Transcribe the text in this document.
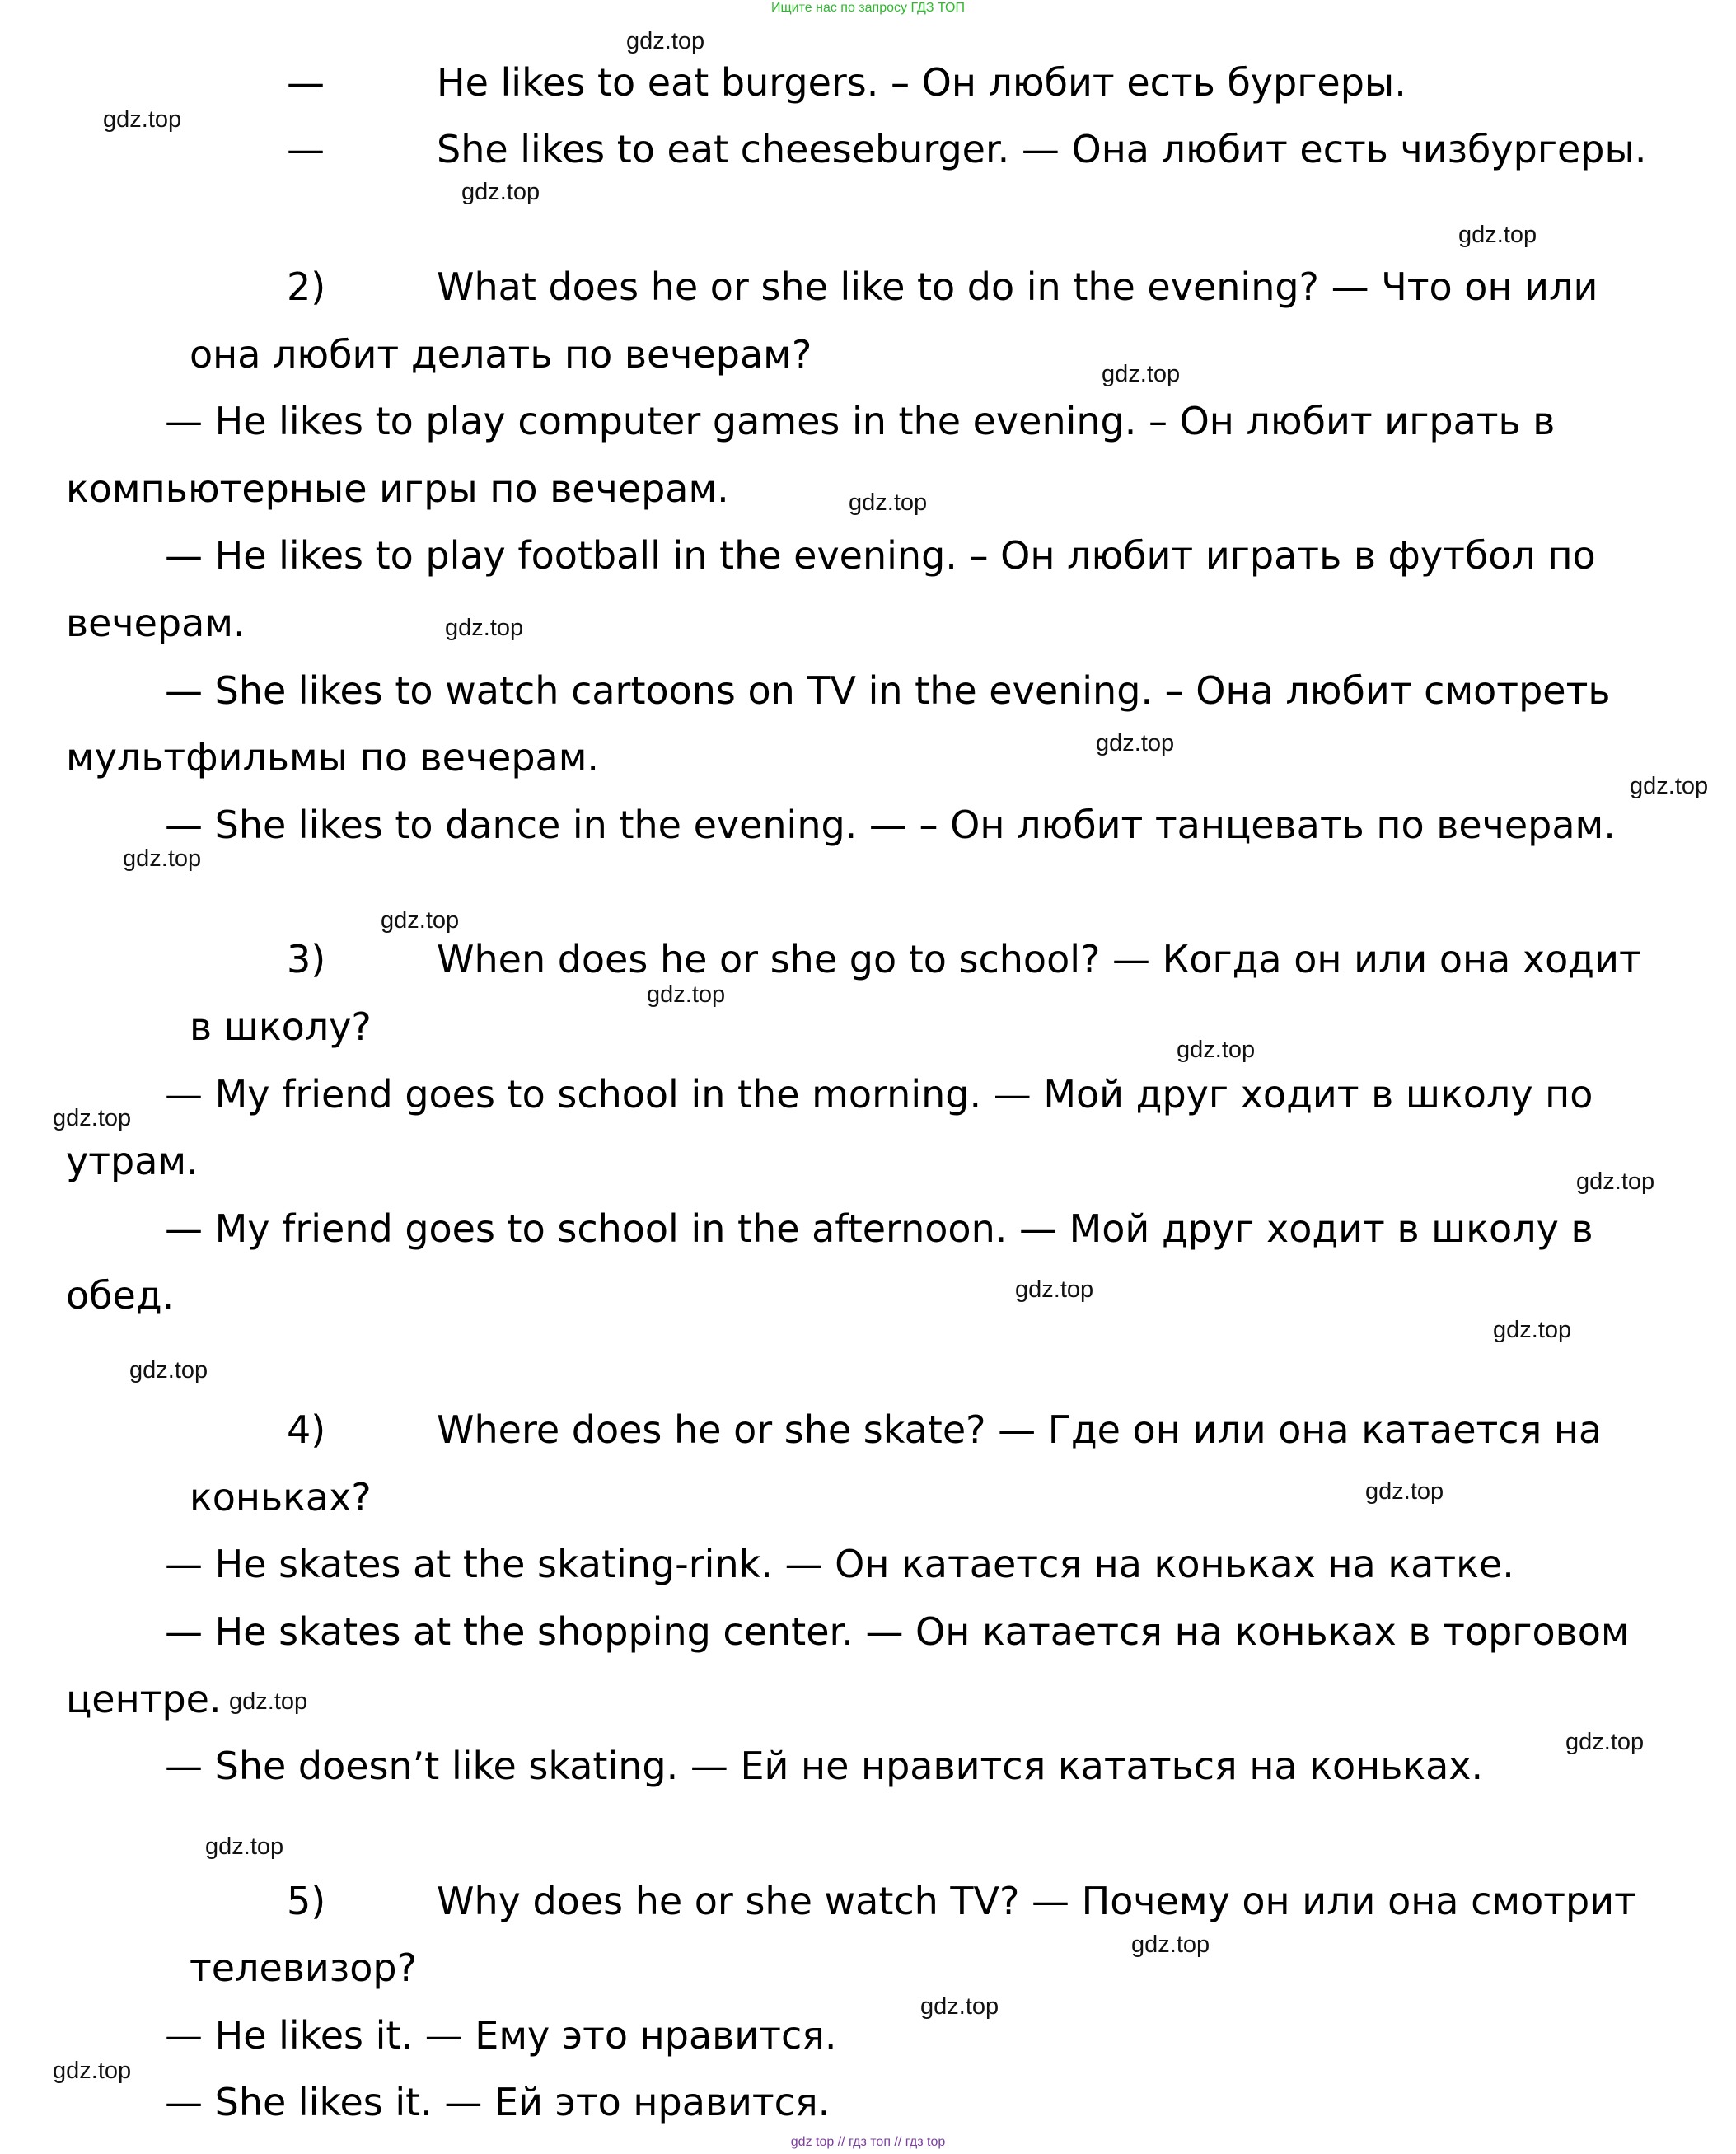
Ищите нас по запросу ГДЗ ТОП
—	He likes to eat burgers. – Он любит есть бургеры.
—	She likes to eat cheeseburger. — Она любит есть чизбургеры.
2)	What does he or she like to do in the evening? — Что он или
она любит делать по вечерам?
— He likes to play computer games in the evening. – Он любит играть в
компьютерные игры по вечерам.
— He likes to play football in the evening. – Он любит играть в футбол по
вечерам.
— She likes to watch cartoons on TV in the evening. – Она любит смотреть
мультфильмы по вечерам.
— She likes to dance in the evening. — – Он любит танцевать по вечерам.
3)	When does he or she go to school? — Когда он или она ходит
в школу?
— My friend goes to school in the morning. — Мой друг ходит в школу по
утрам.
— My friend goes to school in the afternoon. — Мой друг ходит в школу в
обед.
4)	Where does he or she skate? — Где он или она катается на
коньках?
— He skates at the skating-rink. — Он катается на коньках на катке.
— He skates at the shopping center. — Он катается на коньках в торговом
центре.
— She doesn’t like skating. — Ей не нравится кататься на коньках.
5)	Why does he or she watch TV? — Почему он или она смотрит
телевизор?
— He likes it. — Ему это нравится.
— She likes it. — Ей это нравится.
gdz.top
gdz.top
gdz.top
gdz.top
gdz.top
gdz.top
gdz.top
gdz.top
gdz.top
gdz.top
gdz.top
gdz.top
gdz.top
gdz.top
gdz.top
gdz.top
gdz.top
gdz.top
gdz.top
gdz.top
gdz.top
gdz.top
gdz.top
gdz.top
gdz.top
gdz top // гдз топ // гдз top
